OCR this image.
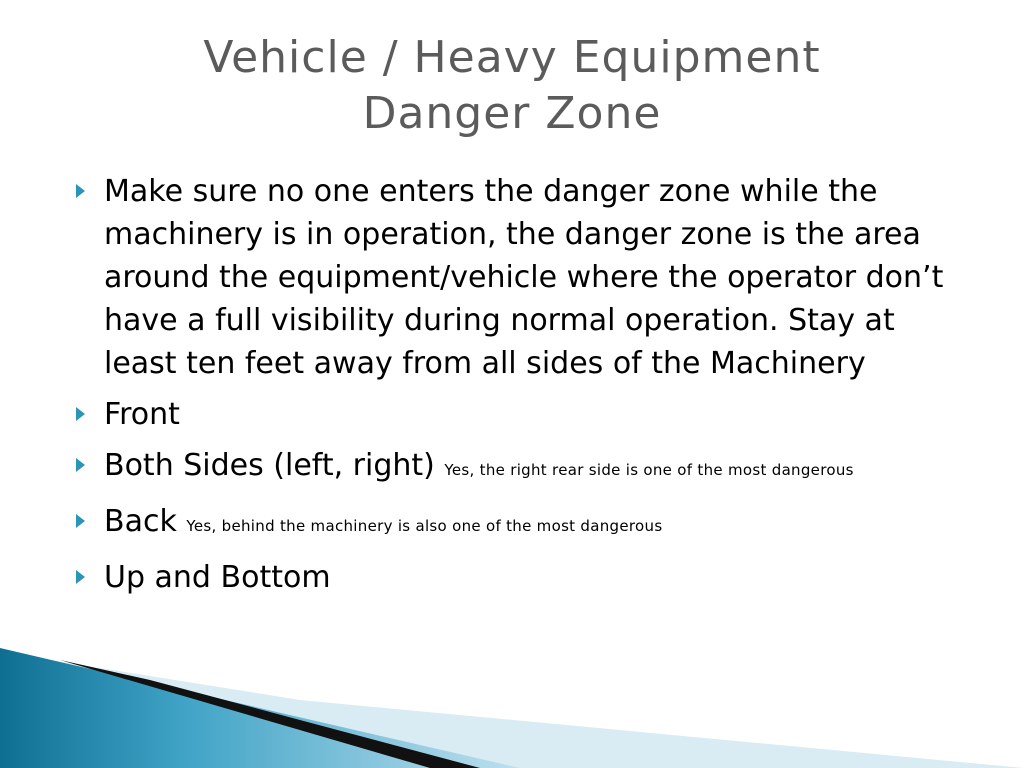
Vehicle / Heavy Equipment
Danger Zone
Make sure no one enters the danger zone while the machinery is in operation, the danger zone is the area around the equipment/vehicle where the operator don’t have a full visibility during normal operation. Stay at least ten feet away from all sides of the Machinery
Front
Both Sides (left, right) Yes, the right rear side is one of the most dangerous
Back Yes, behind the machinery is also one of the most dangerous
Up and Bottom
